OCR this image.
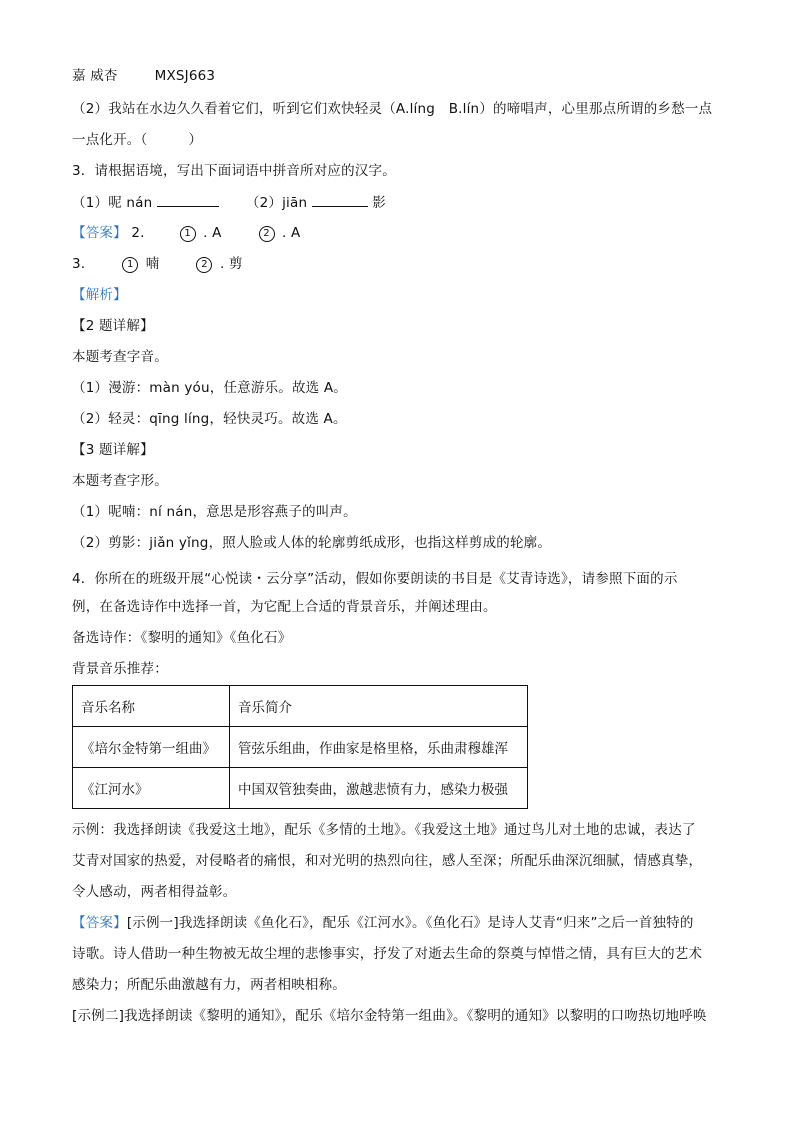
嘉 威杏	MXSJ663
（2）我站在水边久久看着它们，听到它们欢快轻灵（A.líng　B.lín）的啼唱声，心里那点所谓的乡愁一点
一点化开。（　　　）
3．请根据语境，写出下面词语中拼音所对应的汉字。
（1）呢 nán	（2）jiān	影
【答案】 2.	1 . A	2 . A
3.	1 喃	2 . 剪
【解析】
【2 题详解】
本题考查字音。
（1）漫游：màn yóu，任意游乐。故选 A。
（2）轻灵：qīng líng，轻快灵巧。故选 A。
【3 题详解】
本题考查字形。
（1）呢喃：ní nán，意思是形容燕子的叫声。
（2）剪影：jiǎn yǐng，照人脸或人体的轮廓剪纸成形，也指这样剪成的轮廓。
4．你所在的班级开展“心悦读・云分享”活动，假如你要朗读的书目是《艾青诗选》，请参照下面的示
例，在备选诗作中选择一首，为它配上合适的背景音乐，并阐述理由。
备选诗作：《黎明的通知》《鱼化石》
背景音乐推荐：
音乐名称	音乐简介
《培尔金特第一组曲》	管弦乐组曲，作曲家是格里格，乐曲肃穆雄浑
《江河水》	中国双管独奏曲，激越悲愤有力，感染力极强
示例：我选择朗读《我爱这土地》，配乐《多情的土地》。《我爱这土地》通过鸟儿对土地的忠诚，表达了
艾青对国家的热爱，对侵略者的痛恨，和对光明的热烈向往，感人至深；所配乐曲深沉细腻，情感真挚，
令人感动，两者相得益彰。
【答案】[示例一]我选择朗读《鱼化石》，配乐《江河水》。《鱼化石》是诗人艾青“归来”之后一首独特的
诗歌。诗人借助一种生物被无故尘埋的悲惨事实，抒发了对逝去生命的祭奠与悼惜之情，具有巨大的艺术
感染力；所配乐曲激越有力，两者相映相称。
[示例二]我选择朗读《黎明的通知》，配乐《培尔金特第一组曲》。《黎明的通知》以黎明的口吻热切地呼唤
